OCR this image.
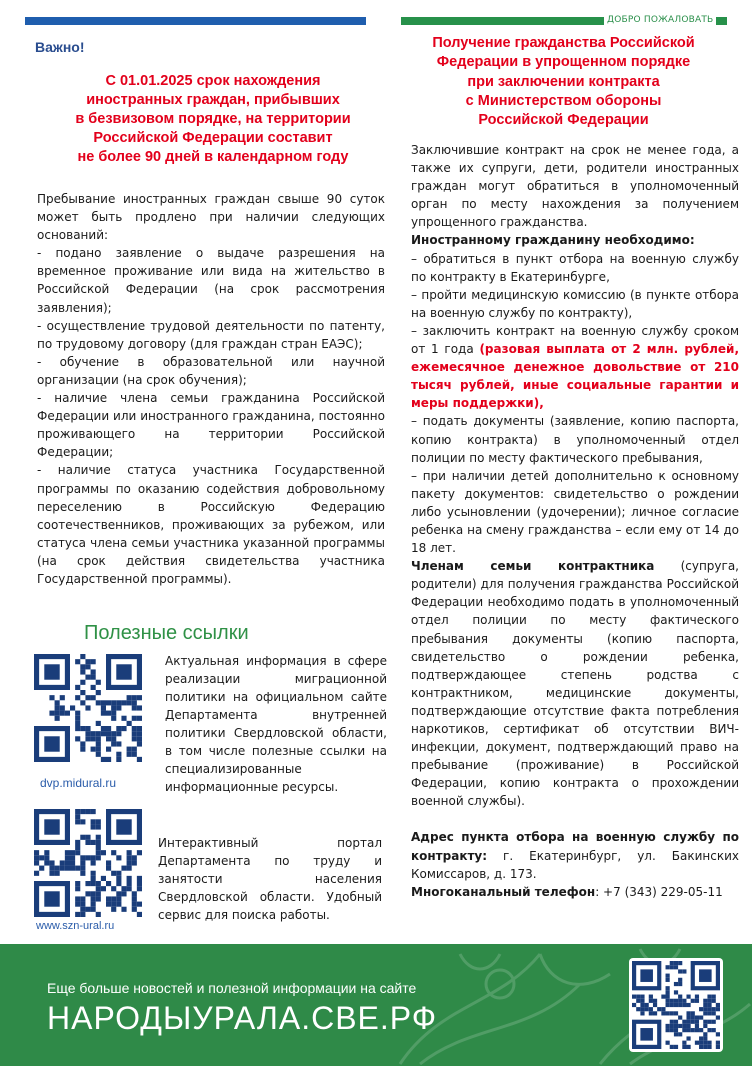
ДОБРО ПОЖАЛОВАТЬ
Важно!
С 01.01.2025 срок нахождения
иностранных граждан, прибывших
в безвизовом порядке, на территории
Российской Федерации составит
не более 90 дней в календарном году

Пребывание иностранных граждан свыше 90 суток может быть продлено при наличии следующих оснований:

- подано заявление о выдаче разрешения на временное проживание или вида на жительство в Российской Федерации (на срок рассмотрения заявления);

- осуществление трудовой деятельности по патенту, по трудовому договору (для граждан стран ЕАЭС);

- обучение в образовательной или научной организации (на срок обучения);

- наличие члена семьи гражданина Российской Федерации или иностранного гражданина, постоянно проживающего на территории Российской Федерации;

- наличие статуса участника Государственной программы по оказанию содействия добровольному переселению в Российскую Федерацию соотечественников, проживающих за рубежом, или статуса члена семьи участника указанной программы (на срок действия свидетельства участника Государственной программы).

Полезные ссылки
dvp.midural.ru
Актуальная информация в сфере реализации миграционной политики на официальном сайте Департамента внутренней политики Свердловской области, в том числе полезные ссылки на специализированные информационные ресурсы.
www.szn-ural.ru
Интерактивный портал Департамента по труду и занятости населения Свердловской области. Удобный сервис для поиска работы.
Получение гражданства Российской
Федерации в упрощенном порядке
при заключении контракта
с Министерством обороны
Российской Федерации

Заключившие контракт на срок не менее года, а также их супруги, дети, родители иностранных граждан могут обратиться в уполномоченный орган по месту нахождения за получением упрощенного гражданства.

Иностранному гражданину необходимо:

– обратиться в пункт отбора на военную службу по контракту в Екатеринбурге,

– пройти медицинскую комиссию (в пункте отбора на военную службу по контракту),

– заключить контракт на военную службу сроком от 1 года (разовая выплата от 2 млн. рублей, ежемесячное денежное довольствие от 210 тысяч рублей, иные социальные гарантии и меры поддержки),

– подать документы (заявление, копию паспорта, копию контракта) в уполномоченный отдел полиции по месту фактического пребывания,

– при наличии детей дополнительно к основному пакету документов: свидетельство о рождении либо усыновлении (удочерении); личное согласие ребенка на смену гражданства – если ему от 14 до 18 лет.

Членам семьи контрактника (супруга, родители) для получения гражданства Российской Федерации необходимо подать в уполномоченный отдел полиции по месту фактического пребывания документы (копию паспорта, свидетельство о рождении ребенка, подтверждающее степень родства с контрактником, медицинские документы, подтверждающие отсутствие факта потребления наркотиков, сертификат об отсутствии ВИЧ-инфекции, документ, подтверждающий право на пребывание (проживание) в Российской Федерации, копию контракта о прохождении военной службы).

Адрес пункта отбора на военную службу по контракту: г. Екатеринбург, ул. Бакинских Комиссаров, д. 173.

Многоканальный телефон: +7 (343) 229-05-11

Еще больше новостей и полезной информации на сайте
НАРОДЫУРАЛА.СВЕ.РФ
